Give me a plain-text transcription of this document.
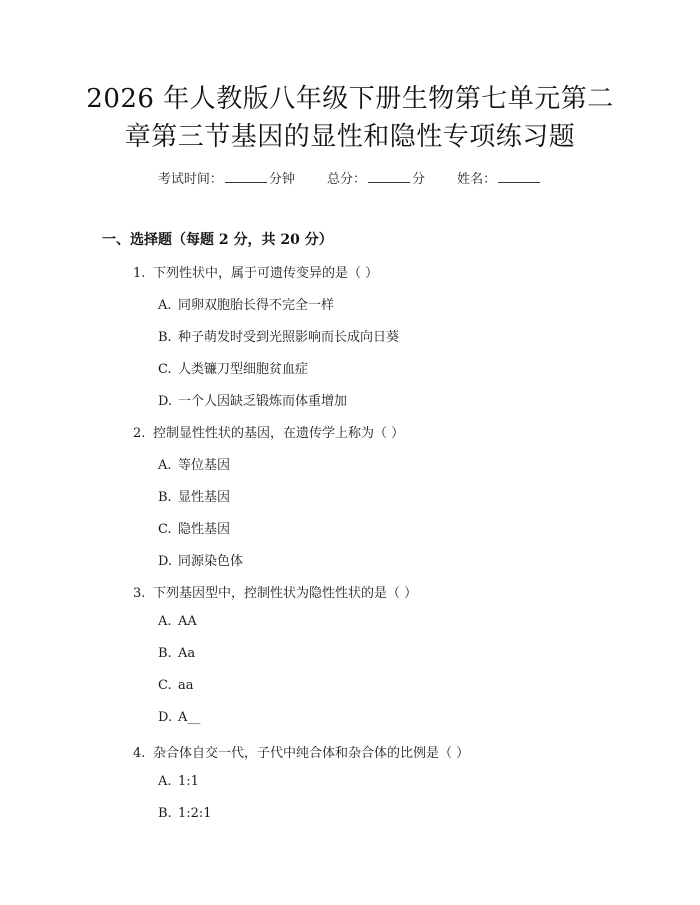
2026 年人教版八年级下册生物第七单元第二
章第三节基因的显性和隐性专项练习题
考试时间：	分钟 总分：	分 姓名：
一、选择题（每题 2 分，共 20 分）
1. 下列性状中，属于可遗传变异的是（ ）
A. 同卵双胞胎长得不完全一样
B. 种子萌发时受到光照影响而长成向日葵
C. 人类镰刀型细胞贫血症
D. 一个人因缺乏锻炼而体重增加
2. 控制显性性状的基因，在遗传学上称为（ ）
A. 等位基因
B. 显性基因
C. 隐性基因
D. 同源染色体
3. 下列基因型中，控制性状为隐性性状的是（ ）
A. AA
B. Aa
C. aa
D. A__
4. 杂合体自交一代，子代中纯合体和杂合体的比例是（ ）
A. 1:1
B. 1:2:1
